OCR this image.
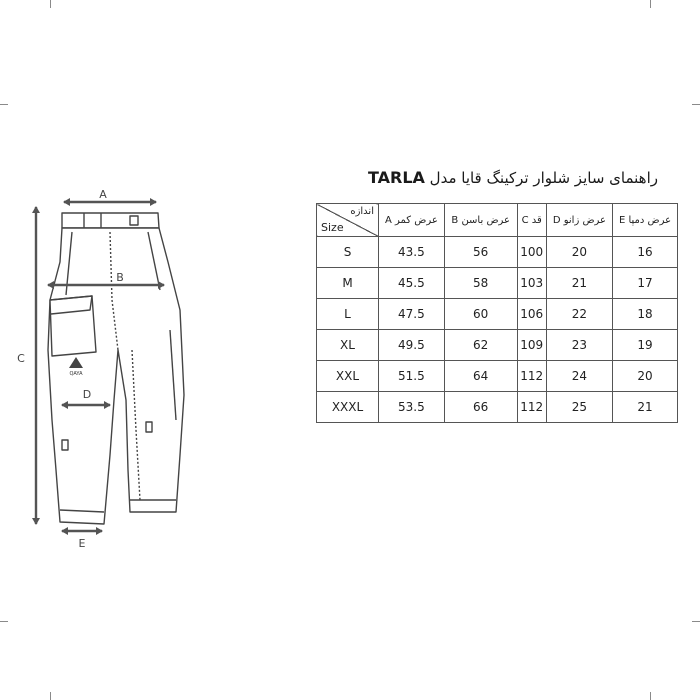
QAYA
A
B
C
D
E
راهنمای سایز شلوار ترکینگ قایا مدل TARLA
اندازه
Size	A عرض کمر	B عرض باسن	C قد	D عرض زانو	E عرض دمپا
S	43.5	56	100	20	16
M	45.5	58	103	21	17
L	47.5	60	106	22	18
XL	49.5	62	109	23	19
XXL	51.5	64	112	24	20
XXXL	53.5	66	112	25	21
